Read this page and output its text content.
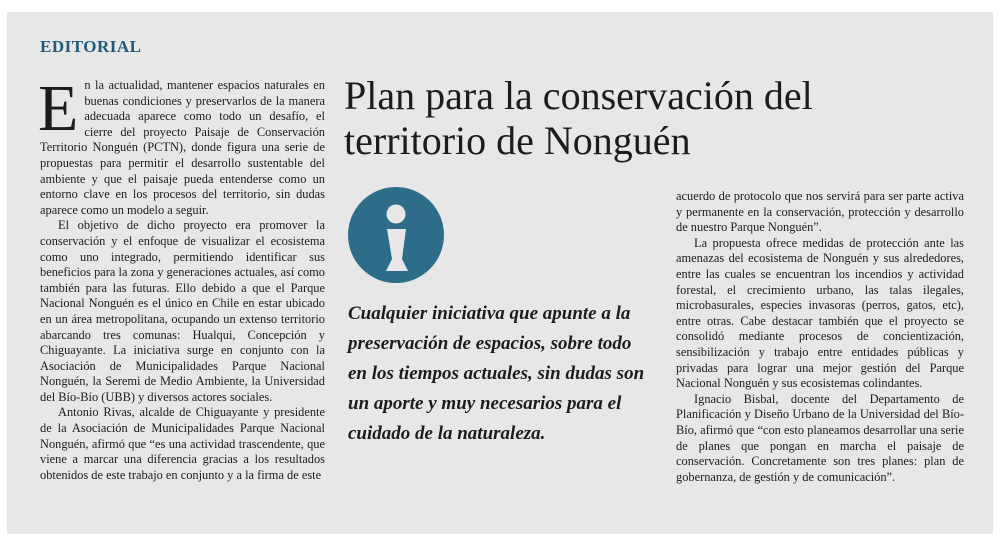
EDITORIAL

En la actualidad, mantener espacios naturales en buenas condiciones y preservarlos de la manera adecuada aparece como todo un desafío, el cierre del proyecto Paisaje de Conservación Territorio Nonguén (PCTN), donde figura una serie de propuestas para permitir el desarrollo sustentable del ambiente y que el paisaje pueda entenderse como un entorno clave en los procesos del territorio, sin dudas aparece como un modelo a seguir.

El objetivo de dicho proyecto era promover la conservación y el enfoque de visualizar el ecosistema como uno integrado, permitiendo identificar sus beneficios para la zona y generaciones actuales, así como también para las futuras. Ello debido a que el Parque Nacional Nonguén es el único en Chile en estar ubicado en un área metropolitana, ocupando un extenso territorio abarcando tres comunas: Hualqui, Concepción y Chiguayante. La iniciativa surge en conjunto con la Asociación de Municipalidades Parque Nacional Nonguén, la Seremi de Medio Ambiente, la Universidad del Bío-Bío (UBB) y diversos actores sociales.

Antonio Rivas, alcalde de Chiguayante y presidente de la Asociación de Municipalidades Parque Nacional Nonguén, afirmó que “es una actividad trascendente, que viene a marcar una diferencia gracias a los resultados obtenidos de este trabajo en conjunto y a la firma de este

Plan para la conservación del territorio de Nonguén
Cualquier iniciativa que apunte a la preservación de espacios, sobre todo en los tiempos actuales, sin dudas son un aporte y muy necesarios para el cuidado de la naturaleza.

acuerdo de protocolo que nos servirá para ser parte activa y permanente en la conservación, protección y desarrollo de nuestro Parque Nonguén”.

La propuesta ofrece medidas de protección ante las amenazas del ecosistema de Nonguén y sus alrededores, entre las cuales se encuentran los incendios y actividad forestal, el crecimiento urbano, las talas ilegales, microbasurales, especies invasoras (perros, gatos, etc), entre otras. Cabe destacar también que el proyecto se consolidó mediante procesos de concientización, sensibilización y trabajo entre entidades públicas y privadas para lograr una mejor gestión del Parque Nacional Nonguén y sus ecosistemas colindantes.

Ignacio Bisbal, docente del Departamento de Planificación y Diseño Urbano de la Universidad del Bío-Bío, afirmó que “con esto planeamos desarrollar una serie de planes que pongan en marcha el paisaje de conservación. Concretamente son tres planes: plan de gobernanza, de gestión y de comunicación”.
